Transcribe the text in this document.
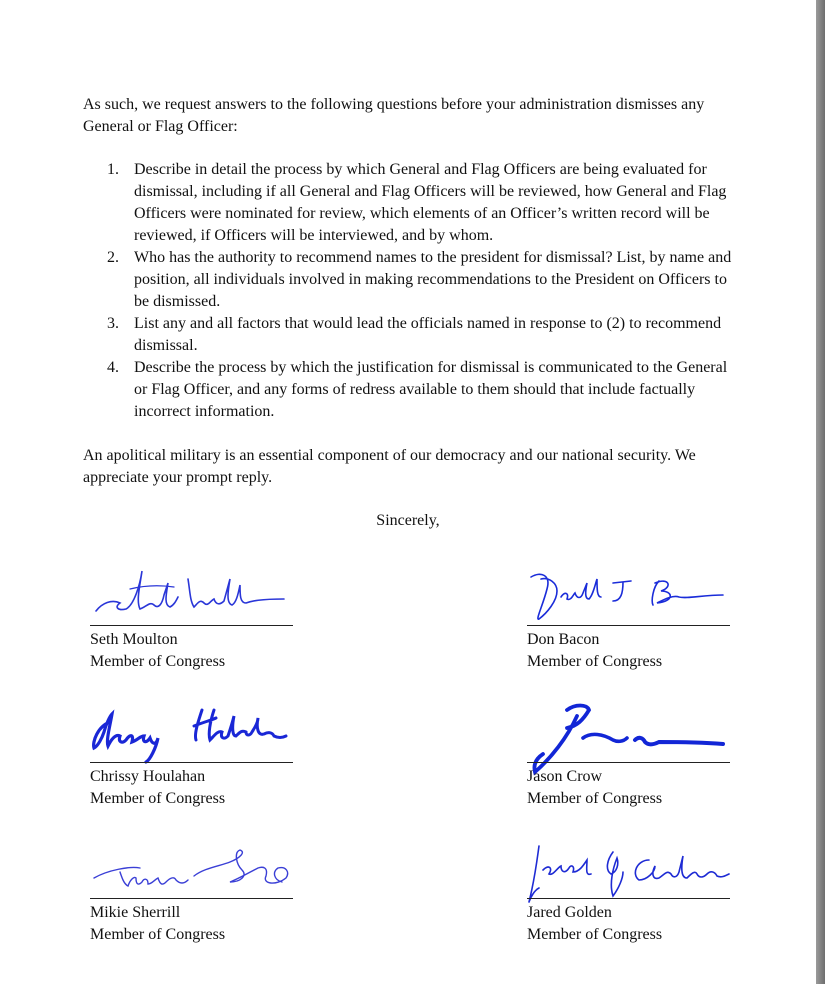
As such, we request answers to the following questions before your administration dismisses any General or Flag Officer:

1. Describe in detail the process by which General and Flag Officers are being evaluated for dismissal, including if all General and Flag Officers will be reviewed, how General and Flag Officers were nominated for review, which elements of an Officer’s written record will be reviewed, if Officers will be interviewed, and by whom.
2. Who has the authority to recommend names to the president for dismissal? List, by name and position, all individuals involved in making recommendations to the President on Officers to be dismissed.
3. List any and all factors that would lead the officials named in response to (2) to recommend dismissal.
4. Describe the process by which the justification for dismissal is communicated to the General or Flag Officer, and any forms of redress available to them should that include factually incorrect information.

An apolitical military is an essential component of our democracy and our national security. We appreciate your prompt reply.

Sincerely,
Seth Moulton
Member of Congress
Don Bacon
Member of Congress
Chrissy Houlahan
Member of Congress
Jason Crow
Member of Congress
Mikie Sherrill
Member of Congress
Jared Golden
Member of Congress
